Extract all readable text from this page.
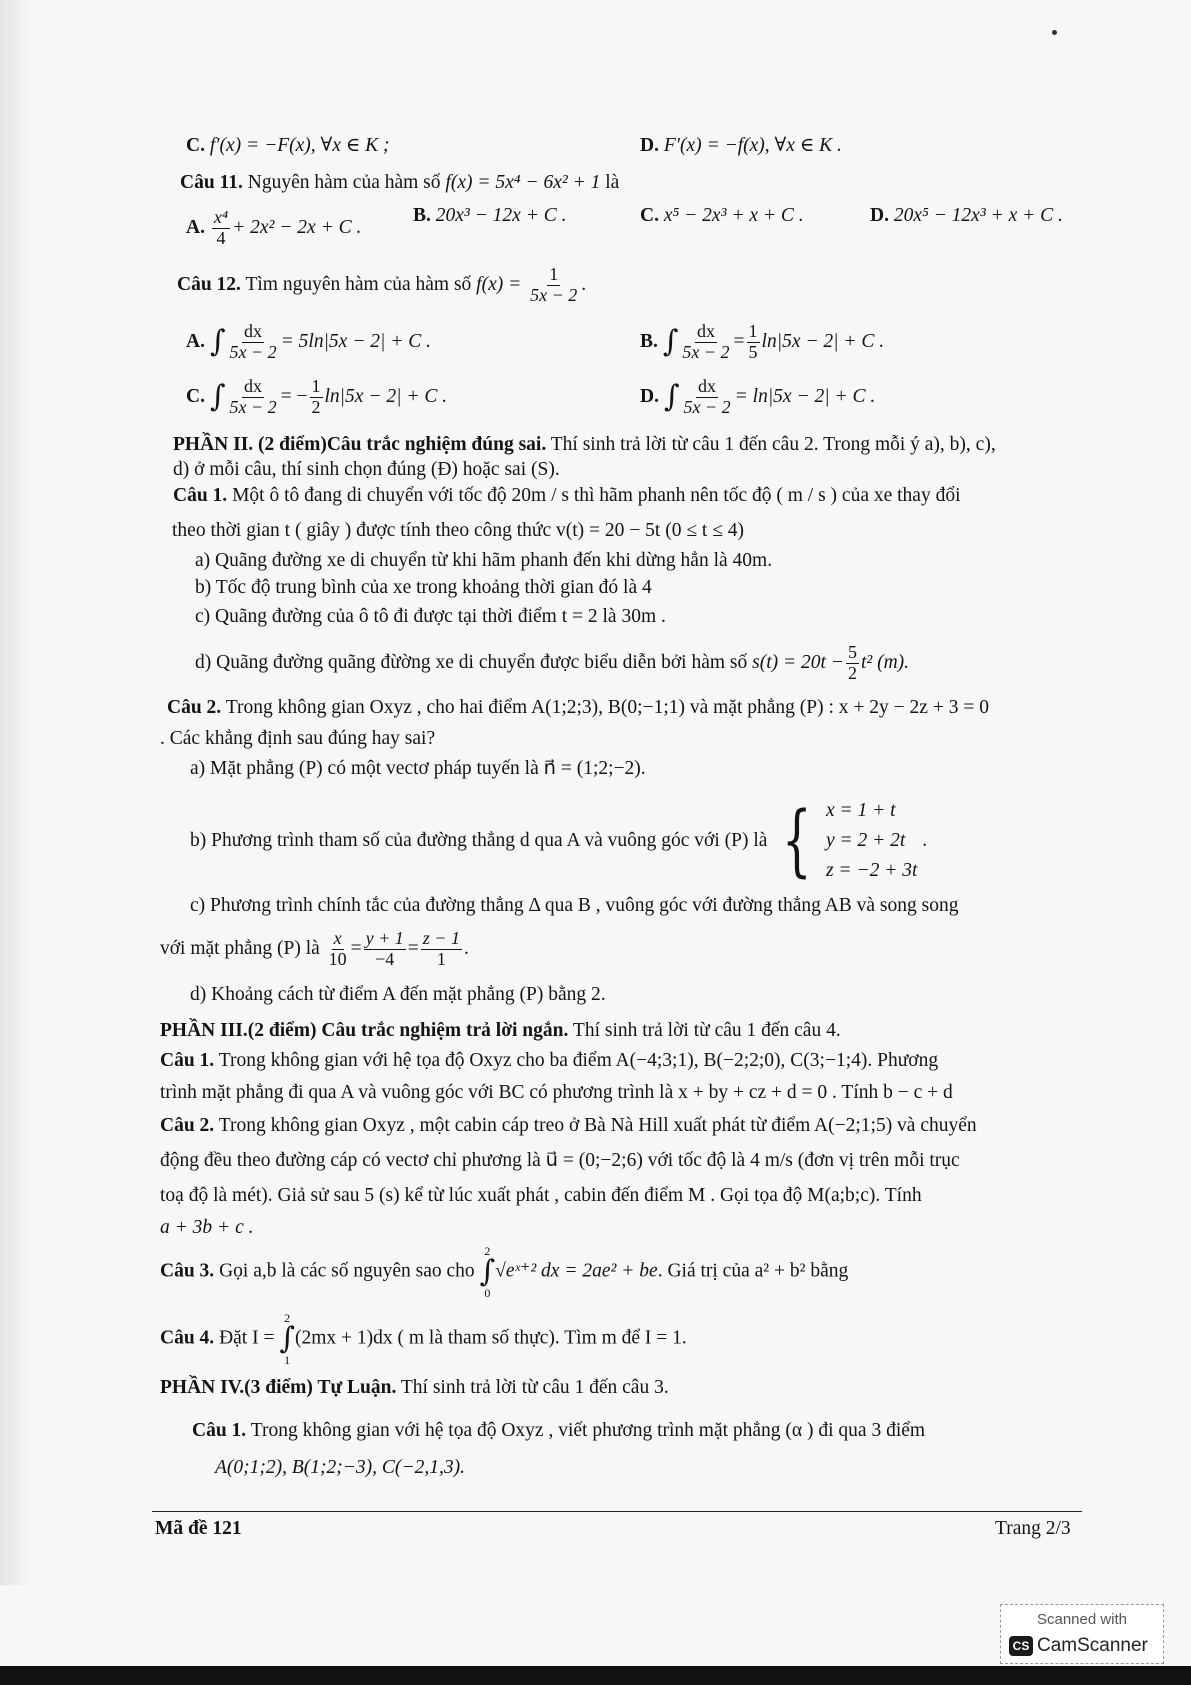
C. f′(x) = −F(x), ∀x ∈ K ;	D. F′(x) = −f(x), ∀x ∈ K .
Câu 11. Nguyên hàm của hàm số f(x) = 5x⁴ − 6x² + 1 là
A. $\frac{\text{x⁴}}{4} + 2x^2 - 2x + C$ .
B. 20x³ − 12x + C .	C. x⁵ − 2x³ + x + C .	D. 20x⁵ − 12x³ + x + C .
Câu 12. Tìm nguyên hàm của hàm số $f(x) = \frac{1}{5x - 2}$ .
A. ∫ $\frac{dx}{5x - 2} = 5\ln|5x - 2| + C$ .	B. ∫ $\frac{dx}{5x - 2} = \frac{1}{5} \ln|5x - 2| + C$ .
C. ∫ $\frac{dx}{5x - 2}$ = − $\frac{1}{2} \ln|5x - 2| + C$ .	D. ∫ $\frac{dx}{5x - 2} = \ln|5x - 2| + C$ .
PHẦN II. (2 điểm)Câu trắc nghiệm đúng sai. Thí sinh trả lời từ câu 1 đến câu 2. Trong mỗi ý a), b), c),
d) ở mỗi câu, thí sinh chọn đúng (Đ) hoặc sai (S).
Câu 1. Một ô tô đang di chuyển với tốc độ 20m / s thì hãm phanh nên tốc độ ( m / s ) của xe thay đổi
theo thời gian t ( giây ) được tính theo công thức v(t) = 20 − 5t (0 ≤ t ≤ 4)
a) Quãng đường xe di chuyển từ khi hãm phanh đến khi dừng hẳn là 40m.
b) Tốc độ trung bình của xe trong khoảng thời gian đó là 4
c) Quãng đường của ô tô đi được tại thời điểm t = 2 là 30m .
d) Quãng đường quãng đừờng xe di chuyển được biểu diễn bởi hàm số $s(t) = 20t - \frac{5}{2} t^2$ (m).
Câu 2. Trong không gian Oxyz , cho hai điểm A(1;2;3), B(0;−1;1) và mặt phẳng (P) : x + 2y − 2z + 3 = 0
. Các khẳng định sau đúng hay sai?
a) Mặt phẳng (P) có một vectơ pháp tuyến là n⃗ = (1;2;−2).
b) Phương trình tham số của đường thẳng d qua A và vuông góc với (P) là { x = 1 + t
y = 2 + 2t
z = −2 + 3t
.
c) Phương trình chính tắc của đường thẳng Δ qua B , vuông góc với đường thẳng AB và song song
với mặt phẳng (P) là $\frac{x}{10} = \frac{y + 1}{-4} = \frac{z - 1}{1}$ .
d) Khoảng cách từ điểm A đến mặt phẳng (P) bằng 2.
PHẦN III.(2 điểm) Câu trắc nghiệm trả lời ngắn. Thí sinh trả lời từ câu 1 đến câu 4.
Câu 1. Trong không gian với hệ tọa độ Oxyz cho ba điểm A(−4;3;1), B(−2;2;0), C(3;−1;4). Phương
trình mặt phẳng đi qua A và vuông góc với BC có phương trình là x + by + cz + d = 0 . Tính b − c + d
Câu 2. Trong không gian Oxyz , một cabin cáp treo ở Bà Nà Hill xuất phát từ điểm A(−2;1;5) và chuyển
động đều theo đường cáp có vectơ chỉ phương là u⃗ = (0;−2;6) với tốc độ là 4 m/s (đơn vị trên mỗi trục
toạ độ là mét). Giả sử sau 5 (s) kể từ lúc xuất phát , cabin đến điểm M . Gọi tọa độ M(a;b;c). Tính
a + 3b + c .
Câu 3. Gọi a,b là các số nguyên sao cho
2
∫
0
√eˣ⁺² dx = 2ae² + be. Giá trị của a² + b² bằng
Câu 4. Đặt I =
2
∫
1
(2mx + 1)dx ( m là tham số thực). Tìm m để I = 1.
PHẦN IV.(3 điểm) Tự Luận. Thí sinh trả lời từ câu 1 đến câu 3.
Câu 1. Trong không gian với hệ tọa độ Oxyz , viết phương trình mặt phẳng (α ) đi qua 3 điểm
A(0;1;2), B(1;2;−3), C(−2,1,3).
Mã đề 121	Trang 2/3
Scanned with
CS CamScanner
